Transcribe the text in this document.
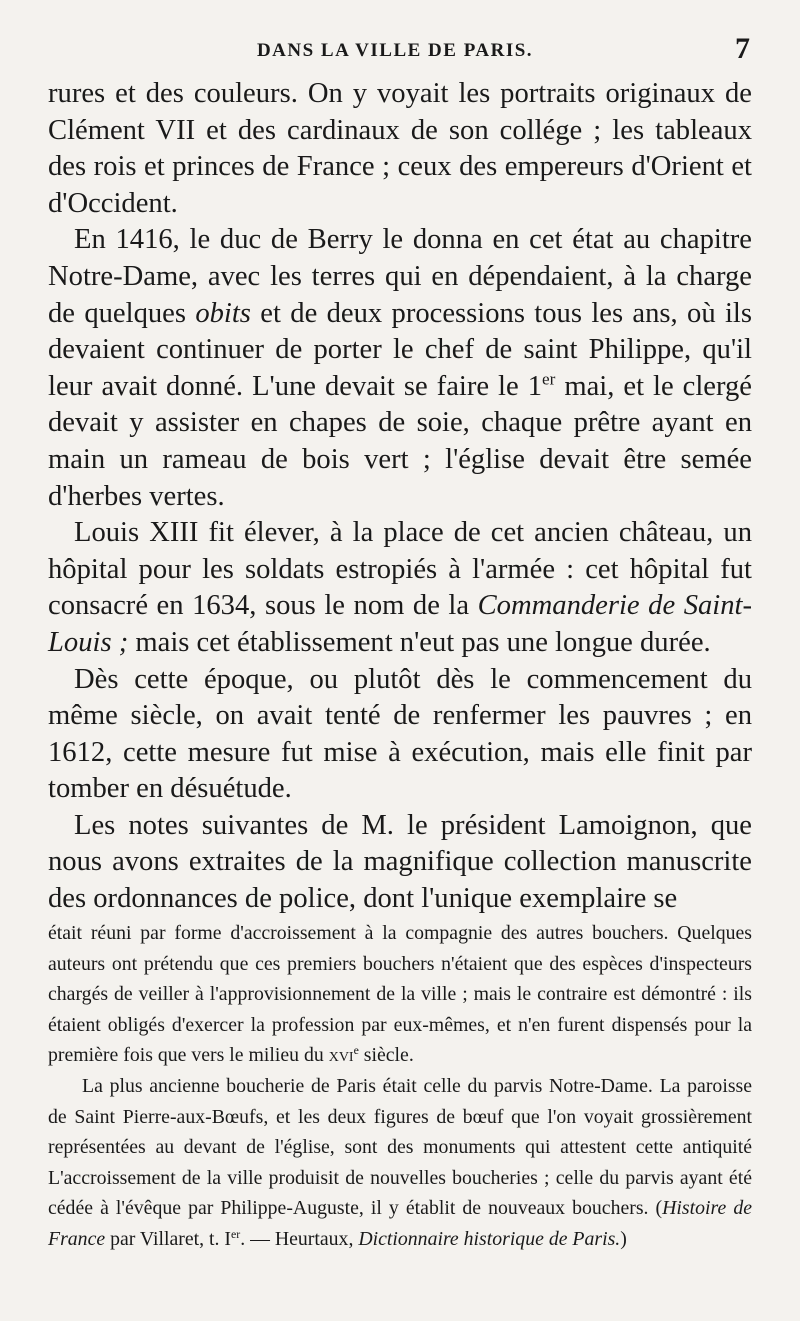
DANS LA VILLE DE PARIS.	7

rures et des couleurs. On y voyait les portraits originaux de Clément VII et des cardinaux de son collége ; les tableaux des rois et princes de France ; ceux des empereurs d'Orient et d'Occident.

En 1416, le duc de Berry le donna en cet état au chapitre Notre-Dame, avec les terres qui en dépendaient, à la charge de quelques obits et de deux processions tous les ans, où ils devaient continuer de porter le chef de saint Philippe, qu'il leur avait donné. L'une devait se faire le 1er mai, et le clergé devait y assister en chapes de soie, chaque prêtre ayant en main un rameau de bois vert ; l'église devait être semée d'herbes vertes.

Louis XIII fit élever, à la place de cet ancien château, un hôpital pour les soldats estropiés à l'armée : cet hôpital fut consacré en 1634, sous le nom de la Commanderie de Saint-Louis ; mais cet établissement n'eut pas une longue durée.

Dès cette époque, ou plutôt dès le commencement du même siècle, on avait tenté de renfermer les pauvres ; en 1612, cette mesure fut mise à exécution, mais elle finit par tomber en désuétude.

Les notes suivantes de M. le président Lamoignon, que nous avons extraites de la magnifique collection manuscrite des ordonnances de police, dont l'unique exemplaire se

était réuni par forme d'accroissement à la compagnie des autres bouchers. Quelques auteurs ont prétendu que ces premiers bouchers n'étaient que des espèces d'inspecteurs chargés de veiller à l'approvisionnement de la ville ; mais le contraire est démontré : ils étaient obligés d'exercer la profession par eux-mêmes, et n'en furent dispensés pour la première fois que vers le milieu du xvi$^e$ siècle.

La plus ancienne boucherie de Paris était celle du parvis Notre-Dame. La paroisse de Saint Pierre-aux-Bœufs, et les deux figures de bœuf que l'on voyait grossièrement représentées au devant de l'église, sont des monuments qui attestent cette antiquité L'accroissement de la ville produisit de nouvelles boucheries ; celle du parvis ayant été cédée à l'évêque par Philippe-Auguste, il y établit de nouveaux bouchers. (Histoire de France par Villaret, t. Ier. — Heurtaux, Dictionnaire historique de Paris.)
